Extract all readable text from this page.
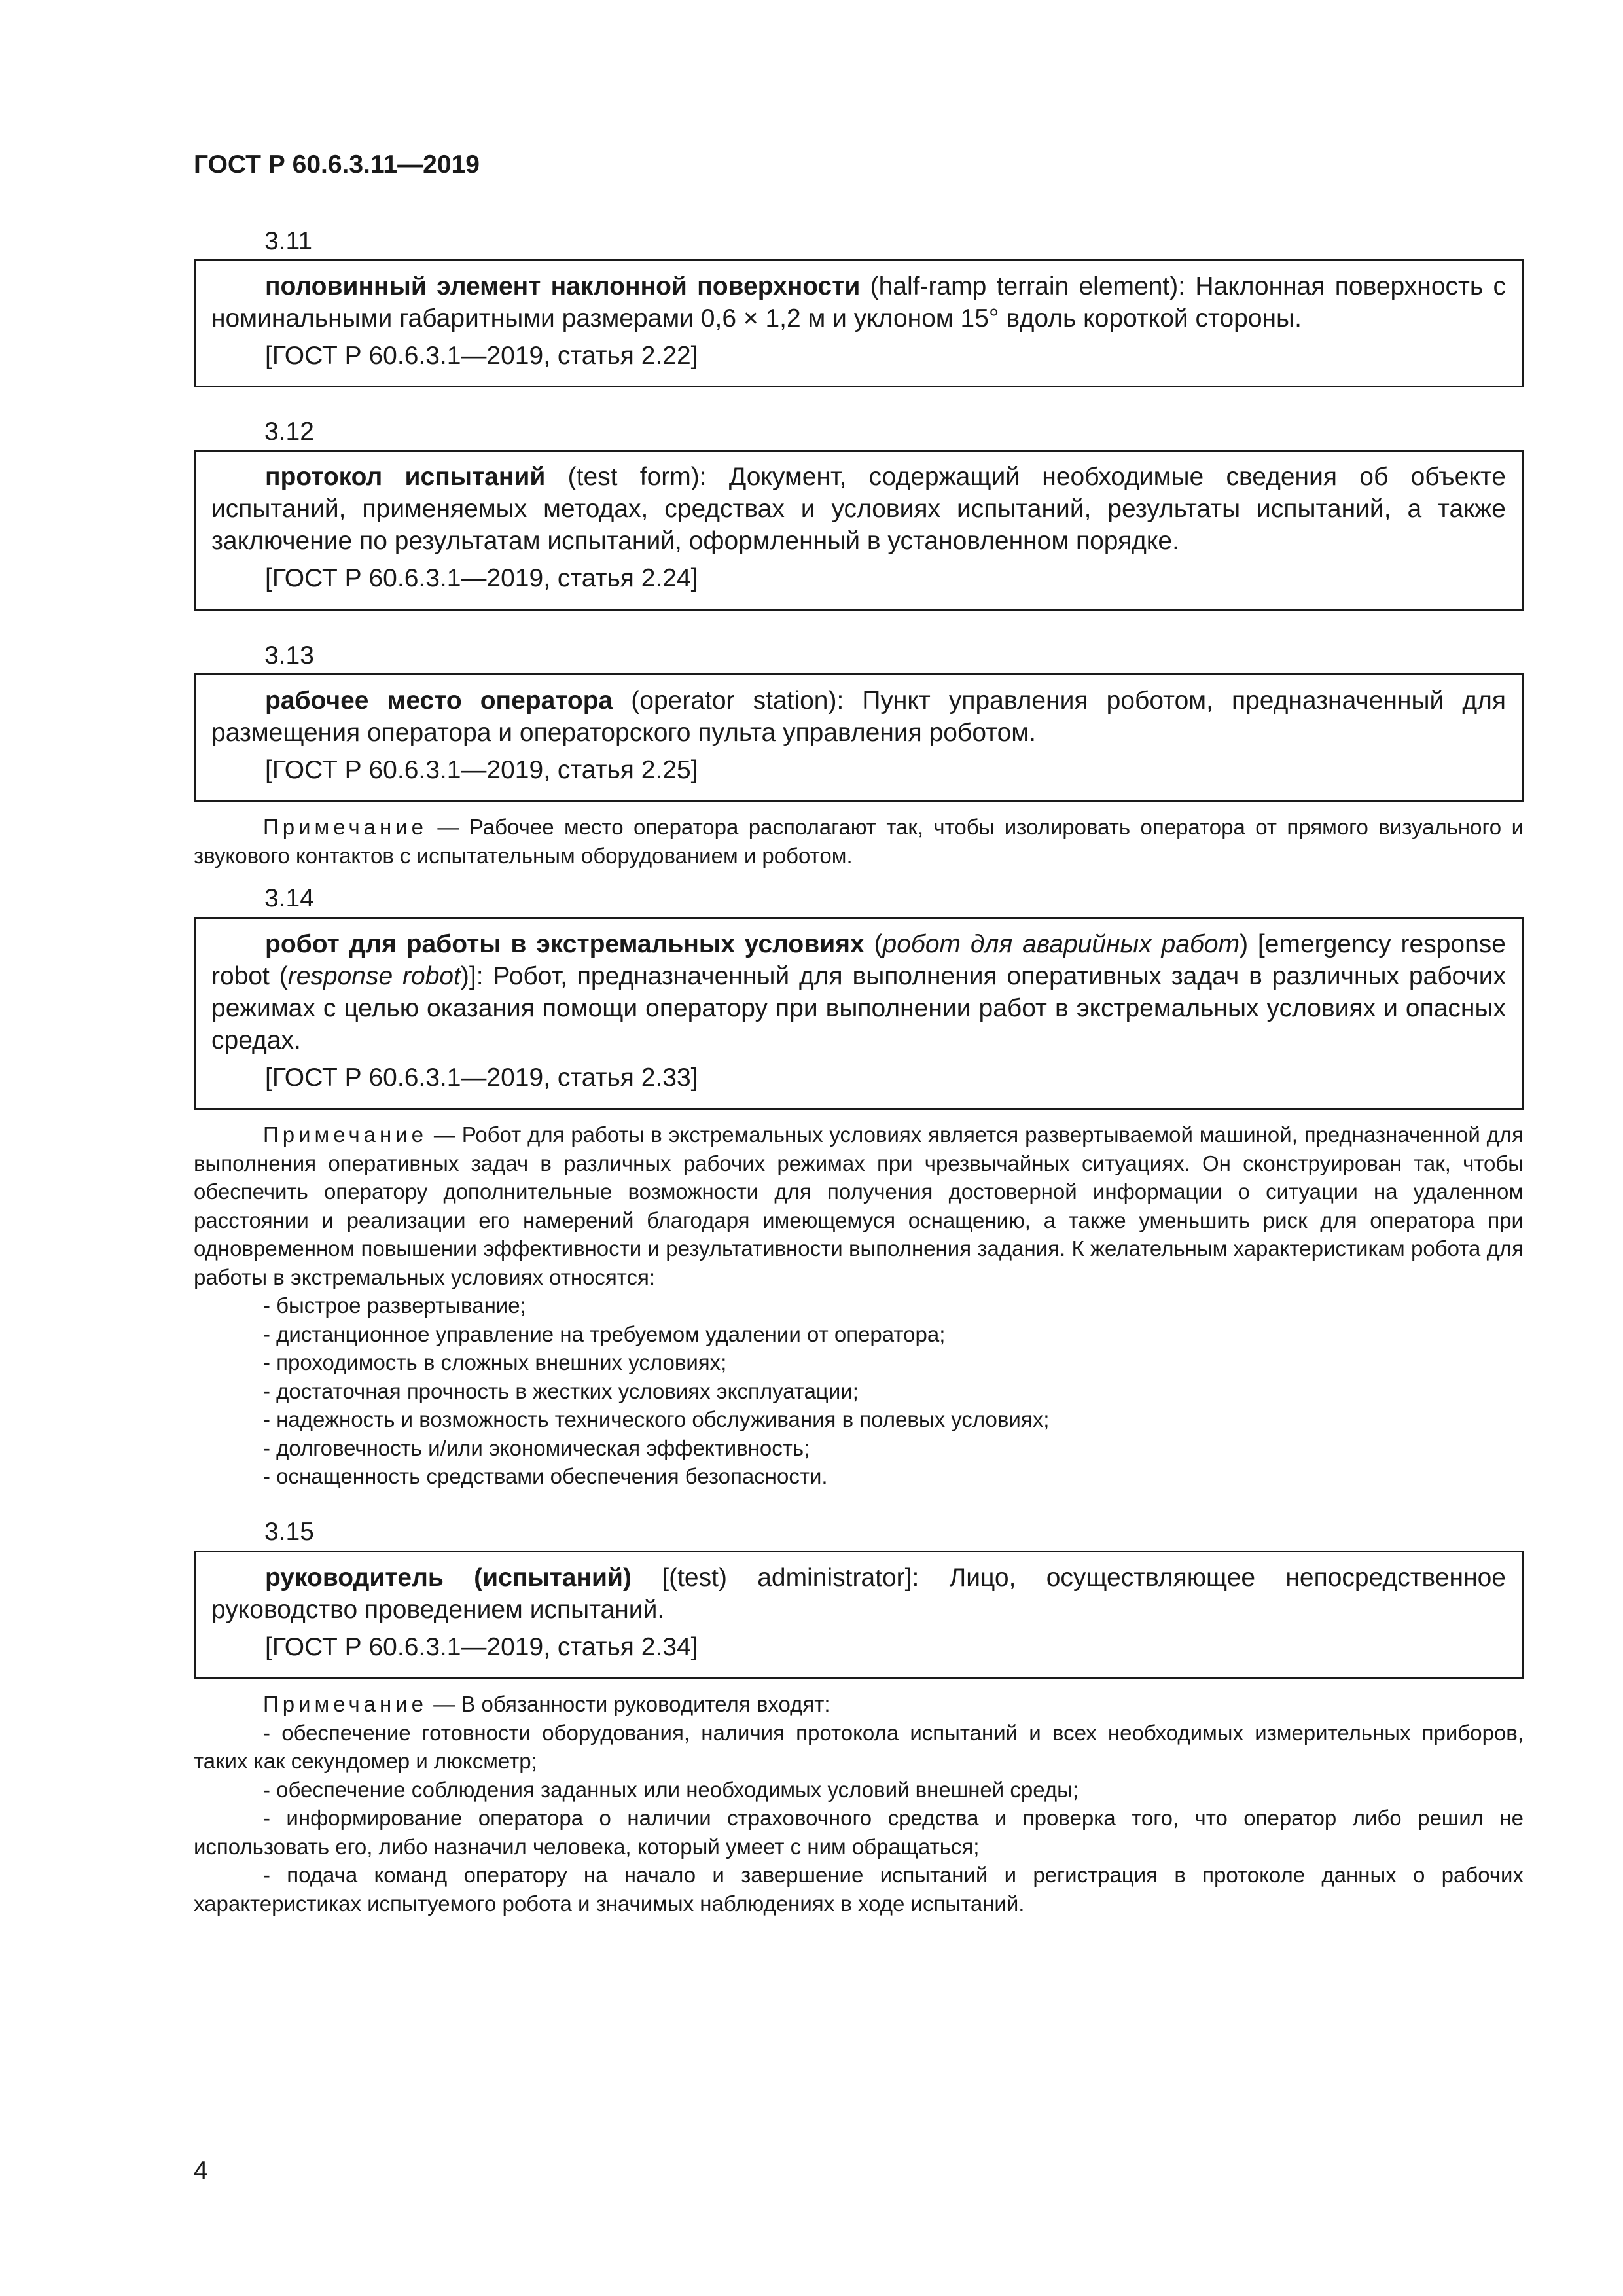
ГОСТ Р 60.6.3.11—2019
3.11

половинный элемент наклонной поверхности (half-ramp terrain element): Наклонная поверхность с номинальными габаритными размерами 0,6 × 1,2 м и уклоном 15° вдоль короткой стороны.

[ГОСТ Р 60.6.3.1—2019, статья 2.22]

3.12

протокол испытаний (test form): Документ, содержащий необходимые сведения об объекте испытаний, применяемых методах, средствах и условиях испытаний, результаты испытаний, а также заключение по результатам испытаний, оформленный в установленном порядке.

[ГОСТ Р 60.6.3.1—2019, статья 2.24]

3.13

рабочее место оператора (operator station): Пункт управления роботом, предназначенный для размещения оператора и операторского пульта управления роботом.

[ГОСТ Р 60.6.3.1—2019, статья 2.25]

Примечание — Рабочее место оператора располагают так, чтобы изолировать оператора от прямого визуального и звукового контактов с испытательным оборудованием и роботом.

3.14

робот для работы в экстремальных условиях (робот для аварийных работ) [emergency response robot (response robot)]: Робот, предназначенный для выполнения оперативных задач в различных рабочих режимах с целью оказания помощи оператору при выполнении работ в экстремальных условиях и опасных средах.

[ГОСТ Р 60.6.3.1—2019, статья 2.33]

Примечание — Робот для работы в экстремальных условиях является развертываемой машиной, предназначенной для выполнения оперативных задач в различных рабочих режимах при чрезвычайных ситуациях. Он сконструирован так, чтобы обеспечить оператору дополнительные возможности для получения достоверной информации о ситуации на удаленном расстоянии и реализации его намерений благодаря имеющемуся оснащению, а также уменьшить риск для оператора при одновременном повышении эффективности и результативности выполнения задания. К желательным характеристикам робота для работы в экстремальных условиях относятся:

- быстрое развертывание;
- дистанционное управление на требуемом удалении от оператора;
- проходимость в сложных внешних условиях;
- достаточная прочность в жестких условиях эксплуатации;
- надежность и возможность технического обслуживания в полевых условиях;
- долговечность и/или экономическая эффективность;
- оснащенность средствами обеспечения безопасности.
3.15

руководитель (испытаний) [(test) administrator]: Лицо, осуществляющее непосредственное руководство проведением испытаний.

[ГОСТ Р 60.6.3.1—2019, статья 2.34]

Примечание — В обязанности руководителя входят:

- обеспечение готовности оборудования, наличия протокола испытаний и всех необходимых измерительных приборов, таких как секундомер и люксметр;
- обеспечение соблюдения заданных или необходимых условий внешней среды;
- информирование оператора о наличии страховочного средства и проверка того, что оператор либо решил не использовать его, либо назначил человека, который умеет с ним обращаться;
- подача команд оператору на начало и завершение испытаний и регистрация в протоколе данных о рабочих характеристиках испытуемого робота и значимых наблюдениях в ходе испытаний.
4
